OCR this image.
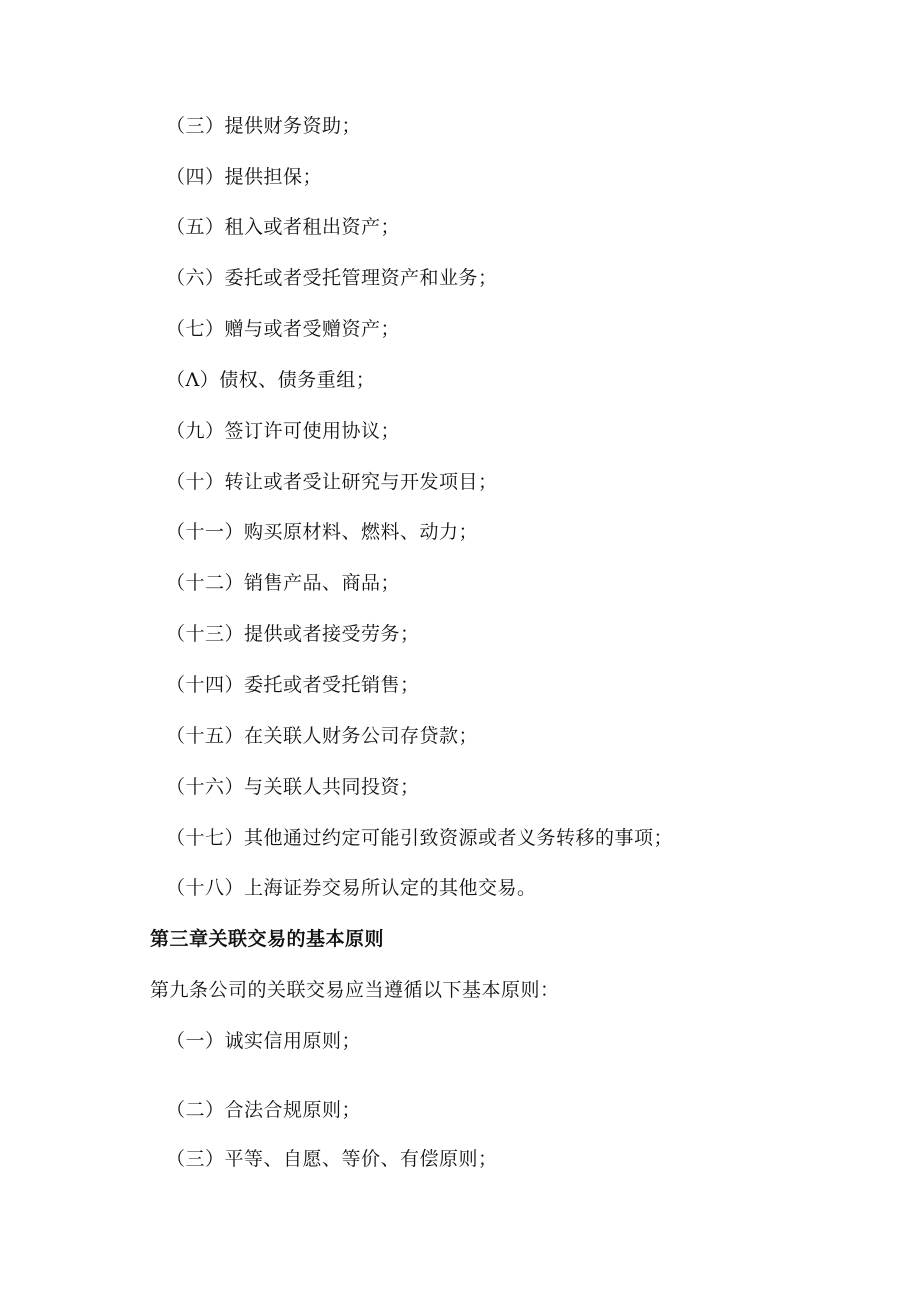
（三）提供财务资助；
（四）提供担保；
（五）租入或者租出资产；
（六）委托或者受托管理资产和业务；
（七）赠与或者受赠资产；
（Λ）债权、债务重组；
（九）签订许可使用协议；
（十）转让或者受让研究与开发项目；
（十一）购买原材料、燃料、动力；
（十二）销售产品、商品；
（十三）提供或者接受劳务；
（十四）委托或者受托销售；
（十五）在关联人财务公司存贷款；
（十六）与关联人共同投资；
（十七）其他通过约定可能引致资源或者义务转移的事项；
（十八）上海证券交易所认定的其他交易。
第三章关联交易的基本原则
第九条公司的关联交易应当遵循以下基本原则：
（一）诚实信用原则；
（二）合法合规原则；
（三）平等、自愿、等价、有偿原则；
